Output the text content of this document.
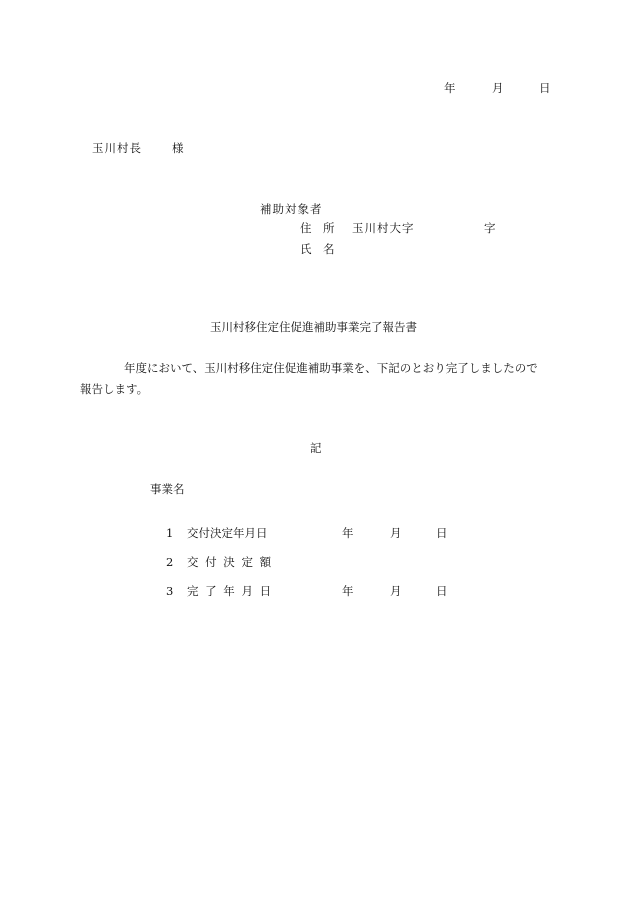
年	月	日
玉川村長	様
補助対象者
住　所 玉川村大字	字
氏　名
玉川村移住定住促進補助事業完了報告書
年度において、玉川村移住定住促進補助事業を、下記のとおり完了しましたので
報告します。
記
事業名
1 交付決定年月日	年	月	日
2 交 付 決 定 額
3 完 了 年 月 日	年	月	日
